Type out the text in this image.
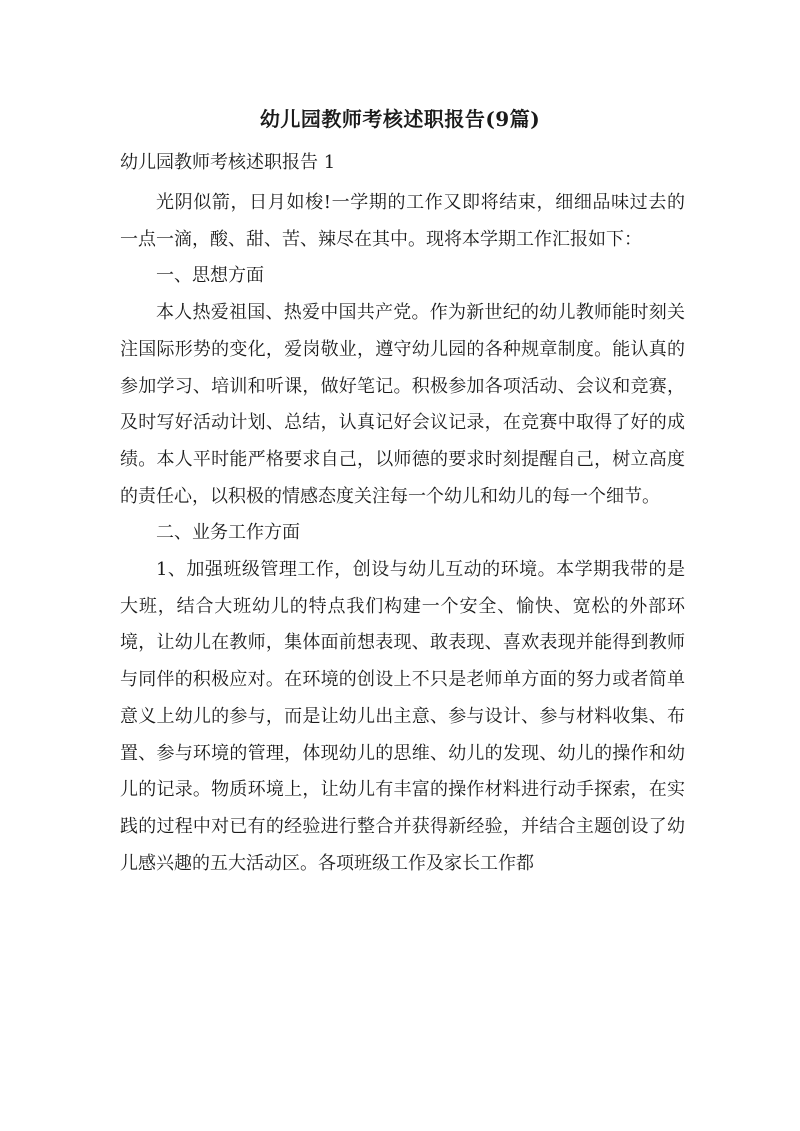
幼儿园教师考核述职报告(9篇)
幼儿园教师考核述职报告 1

光阴似箭，日月如梭!一学期的工作又即将结束，细细品味过去的一点一滴，酸、甜、苦、辣尽在其中。现将本学期工作汇报如下：

一、思想方面

本人热爱祖国、热爱中国共产党。作为新世纪的幼儿教师能时刻关注国际形势的变化，爱岗敬业，遵守幼儿园的各种规章制度。能认真的参加学习、培训和听课，做好笔记。积极参加各项活动、会议和竞赛，及时写好活动计划、总结，认真记好会议记录，在竞赛中取得了好的成绩。本人平时能严格要求自己，以师德的要求时刻提醒自己，树立高度的责任心，以积极的情感态度关注每一个幼儿和幼儿的每一个细节。

二、业务工作方面

1、加强班级管理工作，创设与幼儿互动的环境。本学期我带的是大班，结合大班幼儿的特点我们构建一个安全、愉快、宽松的外部环境，让幼儿在教师，集体面前想表现、敢表现、喜欢表现并能得到教师与同伴的积极应对。在环境的创设上不只是老师单方面的努力或者简单意义上幼儿的参与，而是让幼儿出主意、参与设计、参与材料收集、布置、参与环境的管理，体现幼儿的思维、幼儿的发现、幼儿的操作和幼儿的记录。物质环境上，让幼儿有丰富的操作材料进行动手探索，在实践的过程中对已有的经验进行整合并获得新经验，并结合主题创设了幼儿感兴趣的五大活动区。各项班级工作及家长工作都
